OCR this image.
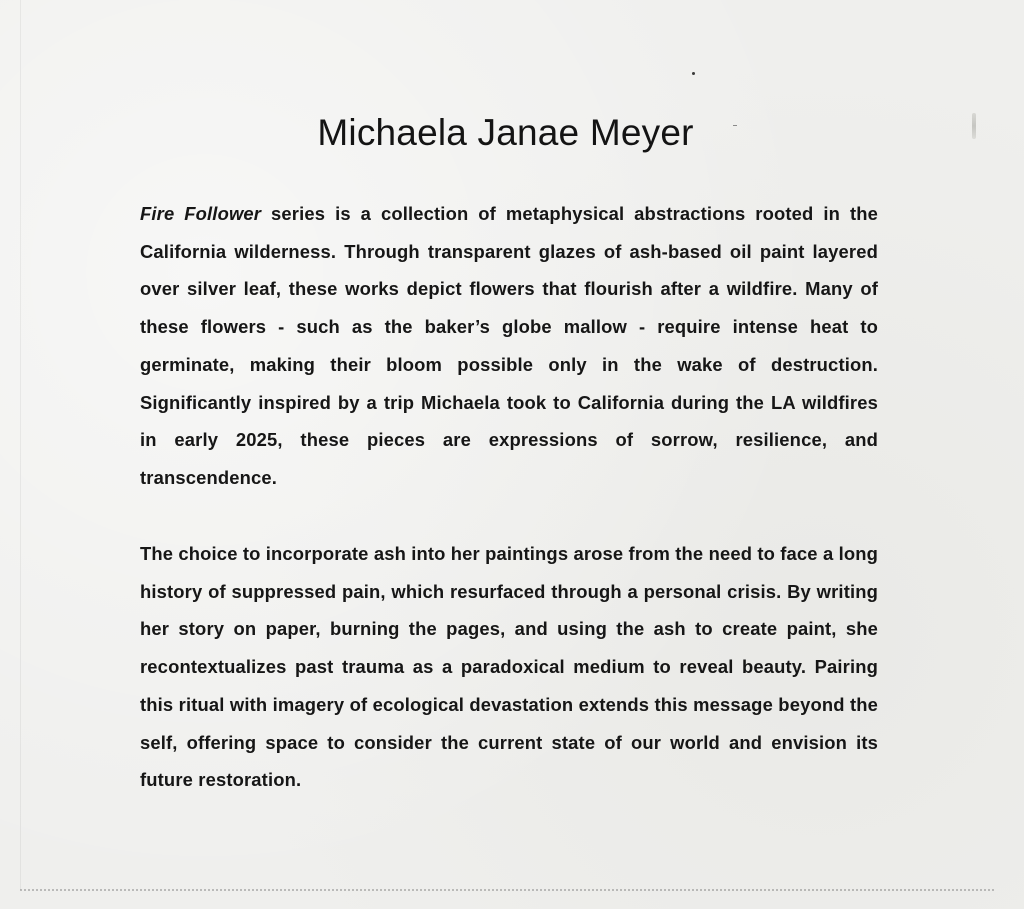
Michaela Janae Meyer

Fire Follower series is a collection of metaphysical abstractions rooted in the California wilderness. Through transparent glazes of ash-based oil paint layered over silver leaf, these works depict flowers that flourish after a wildfire. Many of these flowers - such as the baker’s globe mallow - require intense heat to germinate, making their bloom possible only in the wake of destruction. Significantly inspired by a trip Michaela took to California during the LA wildfires in early 2025, these pieces are expressions of sorrow, resilience, and transcendence.

The choice to incorporate ash into her paintings arose from the need to face a long history of suppressed pain, which resurfaced through a personal crisis. By writing her story on paper, burning the pages, and using the ash to create paint, she recontextualizes past trauma as a paradoxical medium to reveal beauty. Pairing this ritual with imagery of ecological devastation extends this message beyond the self, offering space to consider the current state of our world and envision its future restoration.
